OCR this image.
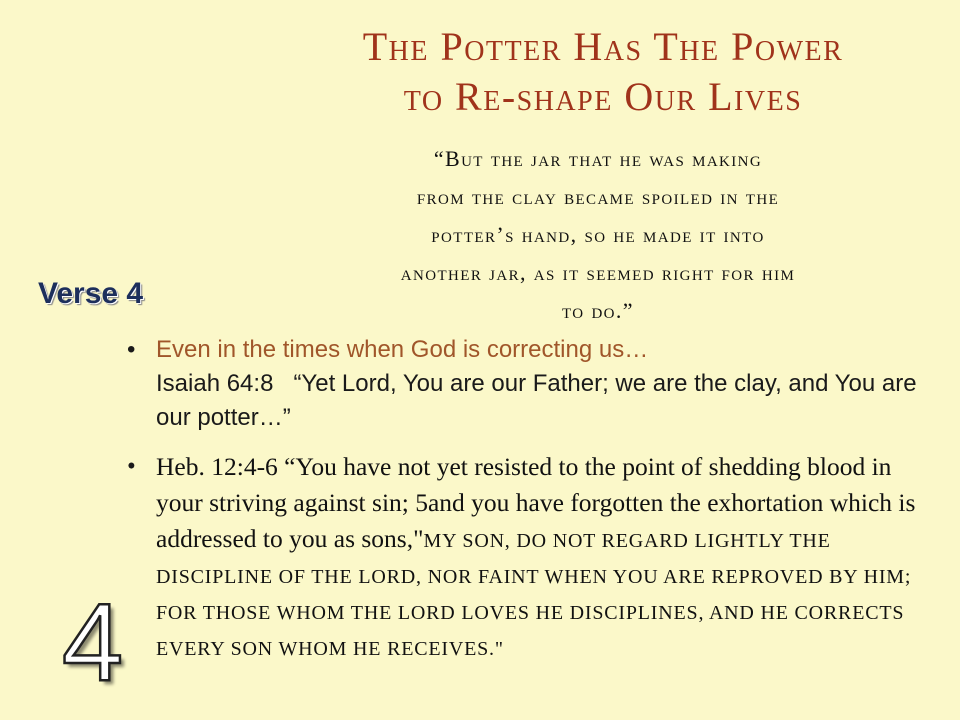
The Potter Has The Power
to Re-shape Our Lives

“But the jar that he was making
from the clay became spoiled in the
potter’s hand, so he made it into
another jar, as it seemed right for him
to do.”

Verse 4

• Even in the times when God is correcting us…
Isaiah 64:8 “Yet Lord, You are our Father; we are the clay, and You are our potter…”
• Heb. 12:4-6 “You have not yet resisted to the point of shedding blood in your striving against sin; 5and you have forgotten the exhortation which is addressed to you as sons,"MY SON, DO NOT REGARD LIGHTLY THE DISCIPLINE OF THE LORD, NOR FAINT WHEN YOU ARE REPROVED BY HIM; FOR THOSE WHOM THE LORD LOVES HE DISCIPLINES, AND HE CORRECTS EVERY SON WHOM HE RECEIVES."

4
